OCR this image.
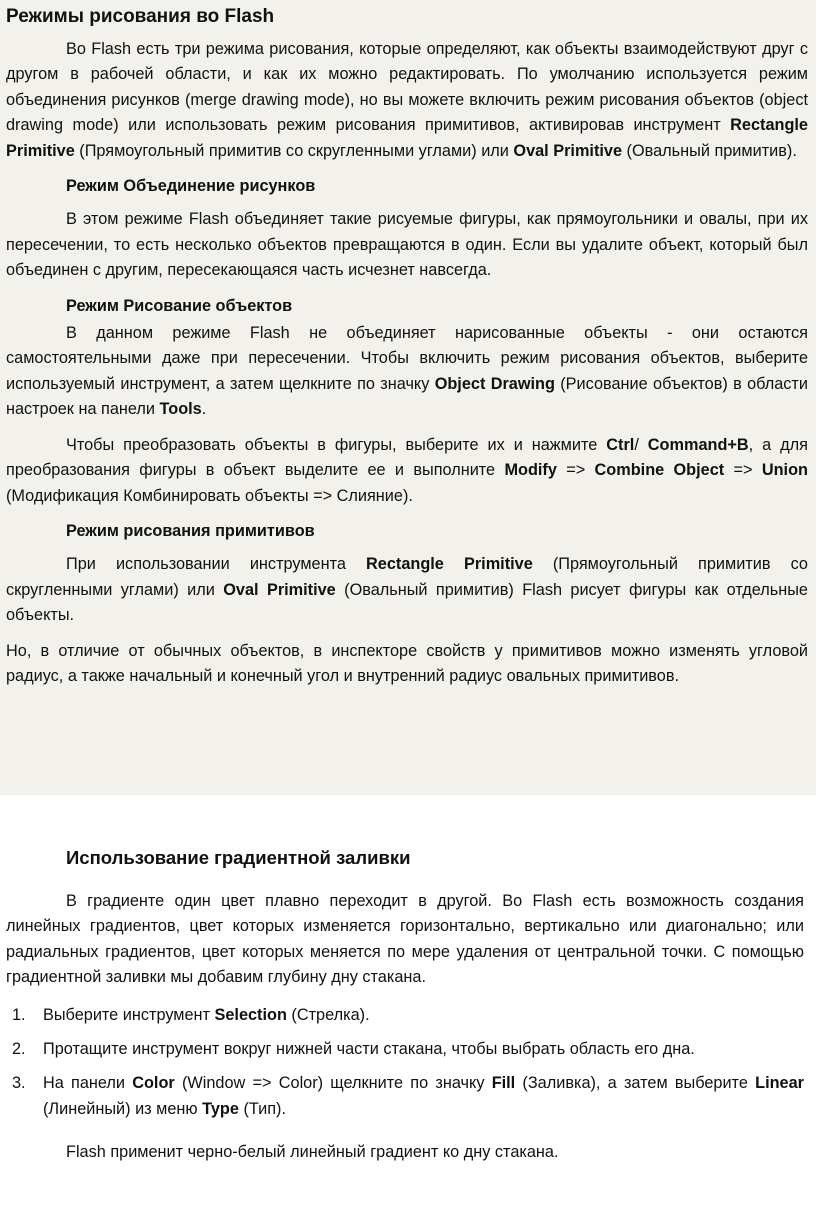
Режимы рисования во Flash

Во Flash есть три режима рисования, которые определяют, как объекты взаимодействуют друг с другом в рабочей области, и как их можно редактировать. По умолчанию используется режим объединения рисунков (merge drawing mode), но вы можете включить режим рисования объектов (object drawing mode) или использовать режим рисования примитивов, активировав инструмент Rectangle Primitive (Прямоугольный примитив со скругленными углами) или Oval Primitive (Овальный примитив).

Режим Объединение рисунков

В этом режиме Flash объединяет такие рисуемые фигуры, как прямоугольники и овалы, при их пересечении, то есть несколько объектов превращаются в один. Если вы удалите объект, который был объединен с другим, пересекающаяся часть исчезнет навсегда.

Режим Рисование объектов

В данном режиме Flash не объединяет нарисованные объекты - они остаются самостоятельными даже при пересечении. Чтобы включить режим рисования объектов, выберите используемый инструмент, а затем щелкните по значку Object Drawing (Рисование объектов) в области настроек на панели Tools.

Чтобы преобразовать объекты в фигуры, выберите их и нажмите Ctrl/ Command+B, а для преобразования фигуры в объект выделите ее и выполните Modify => Combine Object => Union (Модификация Комбинировать объекты => Слияние).

Режим рисования примитивов

При использовании инструмента Rectangle Primitive (Прямоугольный примитив со скругленными углами) или Oval Primitive (Овальный примитив) Flash рисует фигуры как отдельные объекты.

Но, в отличие от обычных объектов, в инспекторе свойств у примитивов можно изменять угловой радиус, а также начальный и конечный угол и внутренний радиус овальных примитивов.

Использование градиентной заливки

В градиенте один цвет плавно переходит в другой. Во Flash есть возможность создания линейных градиентов, цвет которых изменяется горизонтально, вертикально или диагонально; или радиальных градиентов, цвет которых меняется по мере удаления от центральной точки. С помощью градиентной заливки мы добавим глубину дну стакана.

1.	Выберите инструмент Selection (Стрелка).
2.	Протащите инструмент вокруг нижней части стакана, чтобы выбрать область его дна.
3.	На панели Color (Window => Color) щелкните по значку Fill (Заливка), а затем выберите Linear (Линейный) из меню Type (Тип).

Flash применит черно-белый линейный градиент ко дну стакана.
